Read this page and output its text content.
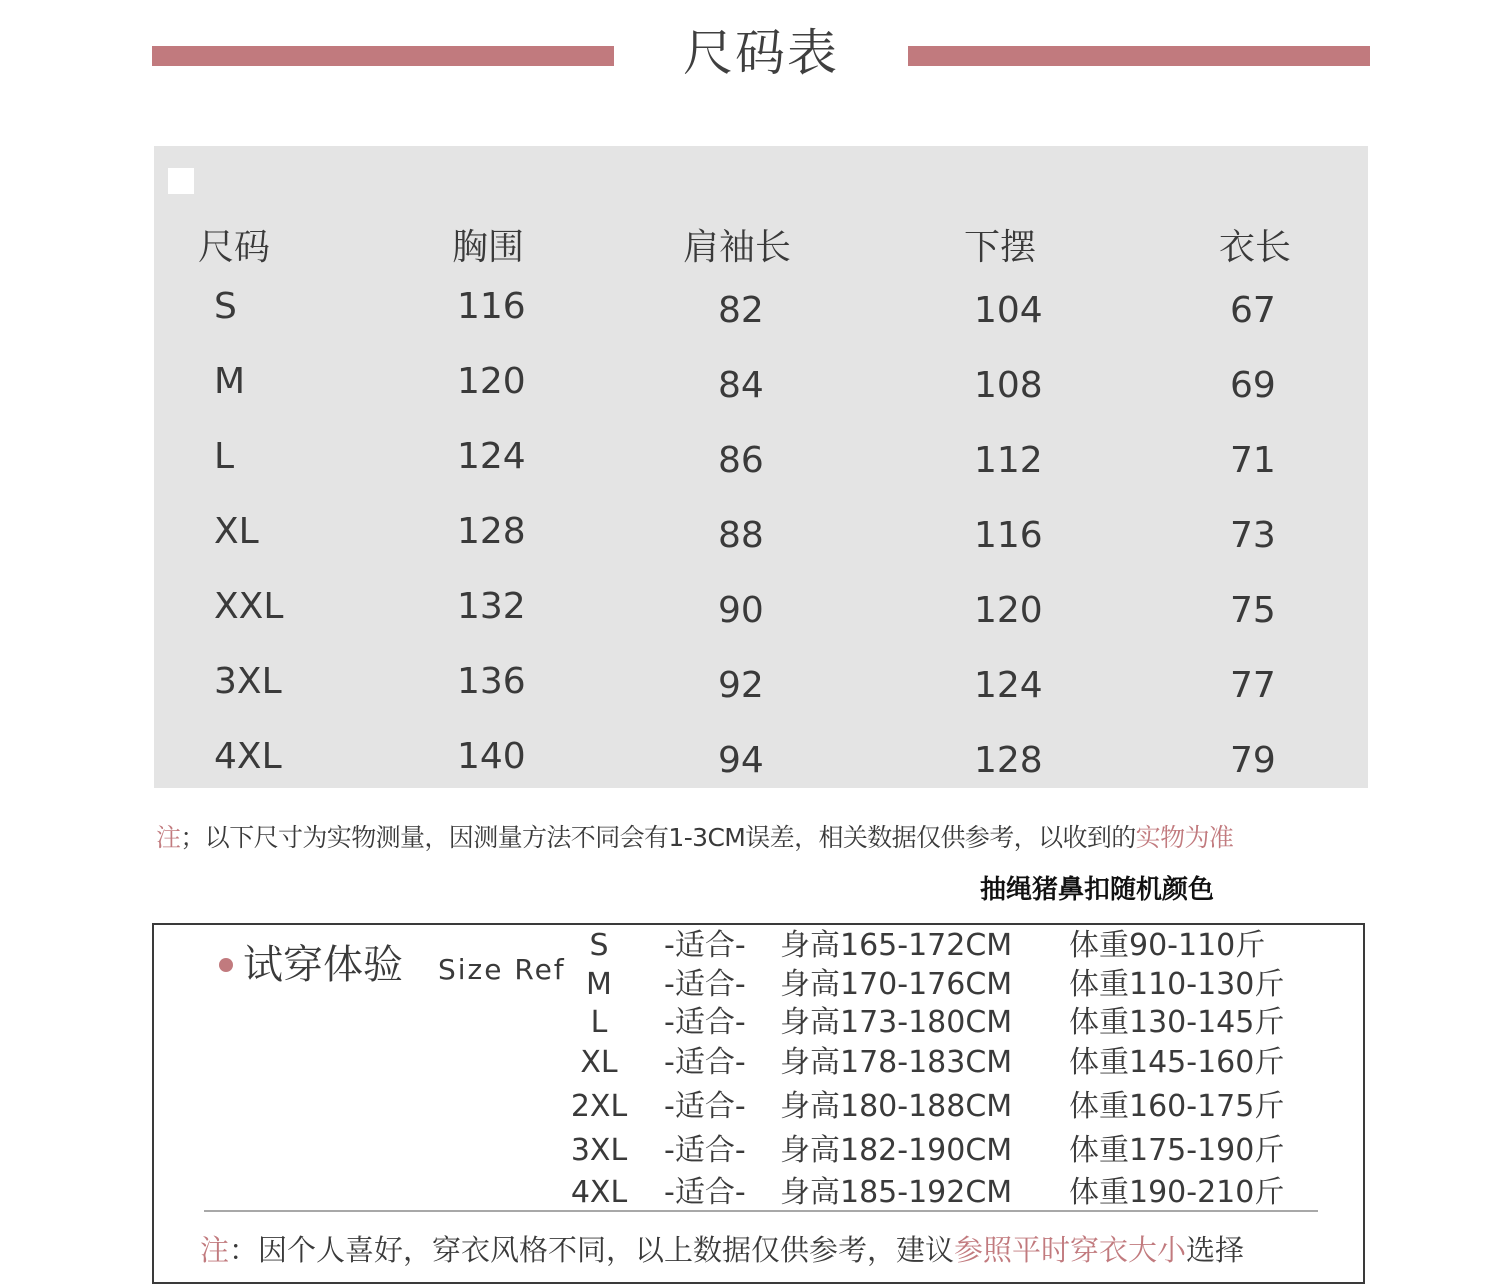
尺码表
尺码	胸围	肩袖长	下摆	衣长
S	116	82	104	67
M	120	84	108	69
L	124	86	112	71
XL	128	88	116	73
XXL	132	90	120	75
3XL	136	92	124	77
4XL	140	94	128	79
注；以下尺寸为实物测量，因测量方法不同会有1-3CM误差，相关数据仅供参考，以收到的实物为准
抽绳猪鼻扣随机颜色
试穿体验 Size Ref
S	-适合- 身高165-172CM 体重90-110斤
M	-适合- 身高170-176CM 体重110-130斤
L	-适合- 身高173-180CM 体重130-145斤
XL	-适合- 身高178-183CM 体重145-160斤
2XL -适合- 身高180-188CM 体重160-175斤
3XL -适合- 身高182-190CM 体重175-190斤
4XL -适合- 身高185-192CM 体重190-210斤
注：因个人喜好，穿衣风格不同，以上数据仅供参考，建议参照平时穿衣大小选择
